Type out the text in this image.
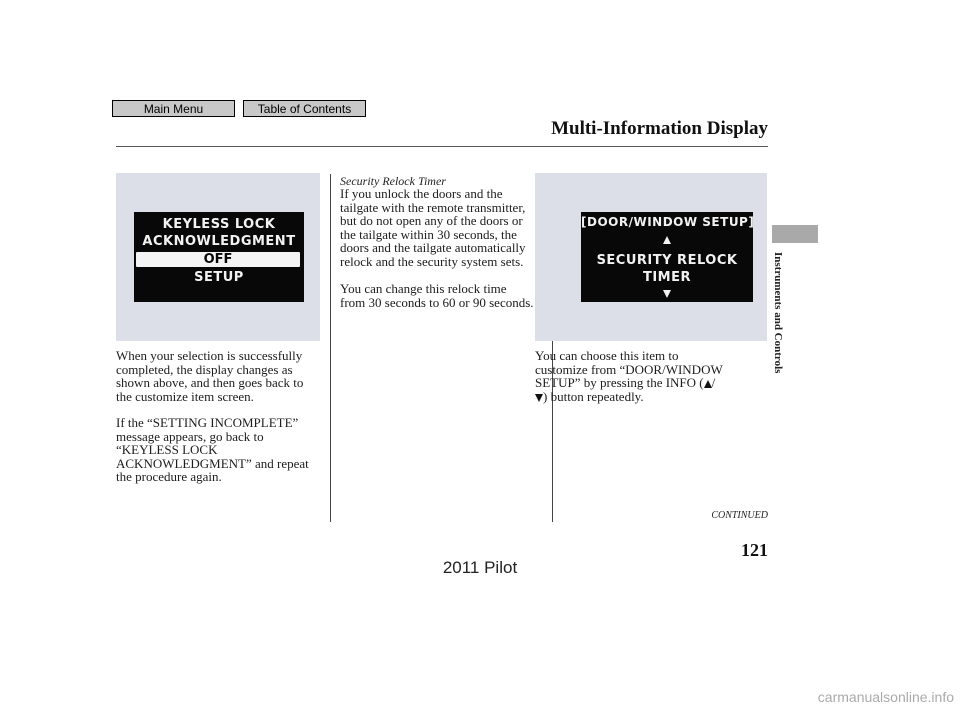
Main Menu	Table of Contents
Multi-Information Display
Instruments and Controls
KEYLESS LOCK
ACKNOWLEDGMENT
OFF
SETUP
[DOOR/WINDOW SETUP]
SECURITY RELOCK
TIMER
When your selection is successfully
completed, the display changes as
shown above, and then goes back to
the customize item screen.
If the “SETTING INCOMPLETE”
message appears, go back to
“KEYLESS LOCK
ACKNOWLEDGMENT” and repeat
the procedure again.
Security Relock Timer
If you unlock the doors and the
tailgate with the remote transmitter,
but do not open any of the doors or
the tailgate within 30 seconds, the
doors and the tailgate automatically
relock and the security system sets.
You can change this relock time
from 30 seconds to 60 or 90 seconds.
You can choose this item to
customize from “DOOR/WINDOW
SETUP” by pressing the INFO ( /
) button repeatedly.
CONTINUED
121
2011 Pilot
carmanualsonline.info
